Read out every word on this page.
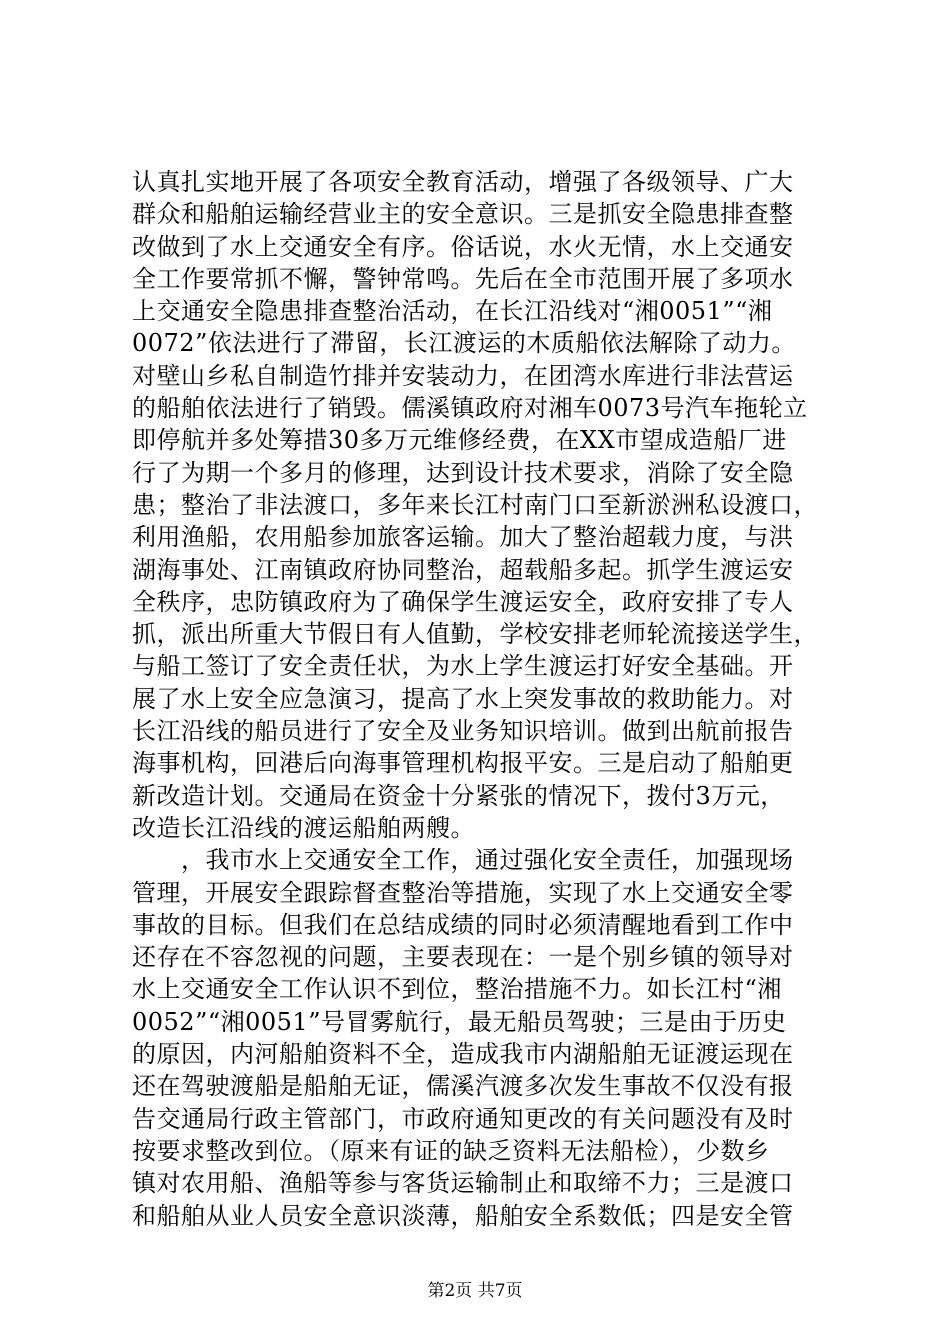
认真扎实地开展了各项安全教育活动，增强了各级领导、广大
群众和船舶运输经营业主的安全意识。三是抓安全隐患排查整
改做到了水上交通安全有序。俗话说，水火无情，水上交通安
全工作要常抓不懈，警钟常鸣。先后在全市范围开展了多项水
上交通安全隐患排查整治活动，在长江沿线对“湘0051”“湘
0072”依法进行了滞留，长江渡运的木质船依法解除了动力。
对壁山乡私自制造竹排并安装动力，在团湾水库进行非法营运
的船舶依法进行了销毁。儒溪镇政府对湘车0073号汽车拖轮立
即停航并多处筹措30多万元维修经费，在XX市望成造船厂进
行了为期一个多月的修理，达到设计技术要求，消除了安全隐
患；整治了非法渡口，多年来长江村南门口至新淤洲私设渡口，
利用渔船，农用船参加旅客运输。加大了整治超载力度，与洪
湖海事处、江南镇政府协同整治，超载船多起。抓学生渡运安
全秩序，忠防镇政府为了确保学生渡运安全，政府安排了专人
抓，派出所重大节假日有人值勤，学校安排老师轮流接送学生，
与船工签订了安全责任状，为水上学生渡运打好安全基础。开
展了水上安全应急演习，提高了水上突发事故的救助能力。对
长江沿线的船员进行了安全及业务知识培训。做到出航前报告
海事机构，回港后向海事管理机构报平安。三是启动了船舶更
新改造计划。交通局在资金十分紧张的情况下，拨付3万元，
改造长江沿线的渡运船舶两艘。
　　，我市水上交通安全工作，通过强化安全责任，加强现场
管理，开展安全跟踪督查整治等措施，实现了水上交通安全零
事故的目标。但我们在总结成绩的同时必须清醒地看到工作中
还存在不容忽视的问题，主要表现在：一是个别乡镇的领导对
水上交通安全工作认识不到位，整治措施不力。如长江村“湘
0052”“湘0051”号冒雾航行，最无船员驾驶；三是由于历史
的原因，内河船舶资料不全，造成我市内湖船舶无证渡运现在
还在驾驶渡船是船舶无证，儒溪汽渡多次发生事故不仅没有报
告交通局行政主管部门，市政府通知更改的有关问题没有及时
按要求整改到位。（原来有证的缺乏资料无法船检），少数乡
镇对农用船、渔船等参与客货运输制止和取缔不力；三是渡口
和船舶从业人员安全意识淡薄，船舶安全系数低；四是安全管
第2页 共7页
